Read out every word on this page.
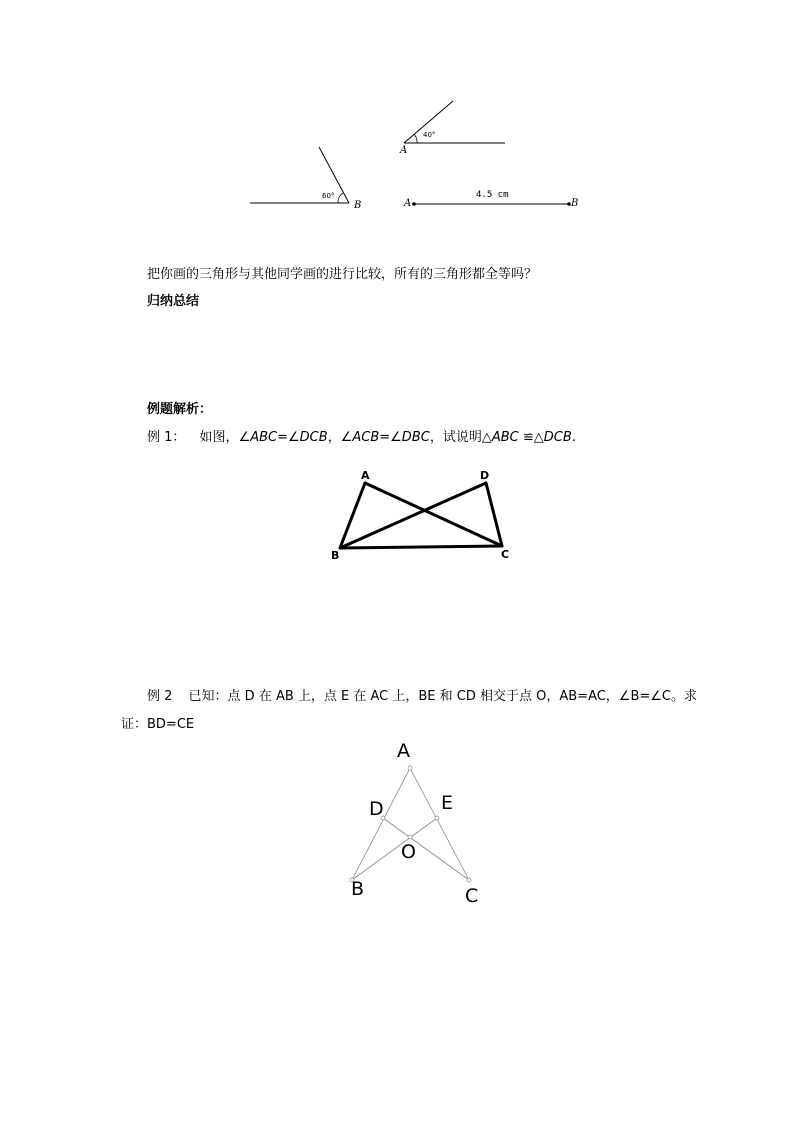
60°
B
40°
A
A	B
4.5 cm
把你画的三角形与其他同学画的进行比较，所有的三角形都全等吗？
归纳总结
例题解析：
例 1： 如图，∠ABC=∠DCB，∠ACB=∠DBC，试说明△ABC ≌△DCB.
A	D
B	C
例 2 已知：点 D 在 AB 上，点 E 在 AC 上，BE 和 CD 相交于点 O，AB=AC，∠B=∠C。求
证：BD=CE
A
D	E
O
B	C
